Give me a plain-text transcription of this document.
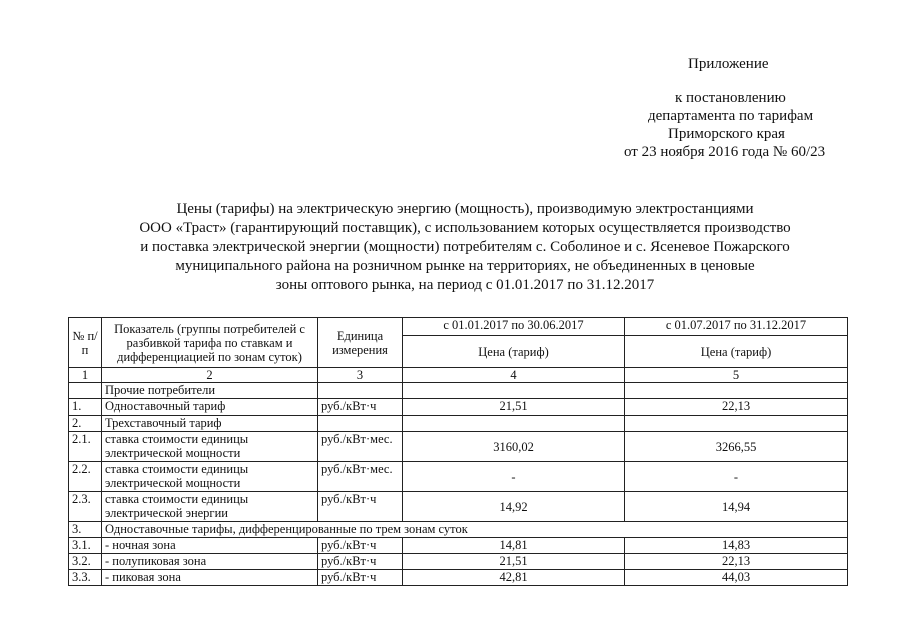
Приложение
к постановлению
департамента по тарифам
Приморского края
от 23 ноября 2016 года № 60/23
Цены (тарифы) на электрическую энергию (мощность), производимую электростанциями
ООО «Траст» (гарантирующий поставщик), с использованием которых осуществляется производство
и поставка электрической энергии (мощности) потребителям с. Соболиное и с. Ясеневое Пожарского
муниципального района на розничном рынке на территориях, не объединенных в ценовые
зоны оптового рынка, на период с 01.01.2017 по 31.12.2017
№ п/п	Показатель (группы потребителей с разбивкой тарифа по ставкам и дифференциацией по зонам суток)	Единица измерения	с 01.01.2017 по 30.06.2017	с 01.07.2017 по 31.12.2017
			Цена (тариф)	Цена (тариф)
1	2	3	4	5
	Прочие потребители			
1.	Одноставочный тариф	руб./кВт·ч	21,51	22,13
2.	Трехставочный тариф			
2.1.	ставка стоимости единицы электрической мощности	руб./кВт·мес.	3160,02	3266,55
2.2.	ставка стоимости единицы электрической мощности	руб./кВт·мес.	-	-
2.3.	ставка стоимости единицы электрической энергии	руб./кВт·ч	14,92	14,94
3.	Одноставочные тарифы, дифференцированные по трем зонам суток			
3.1.	- ночная зона	руб./кВт·ч	14,81	14,83
3.2.	- полупиковая зона	руб./кВт·ч	21,51	22,13
3.3.	- пиковая зона	руб./кВт·ч	42,81	44,03
